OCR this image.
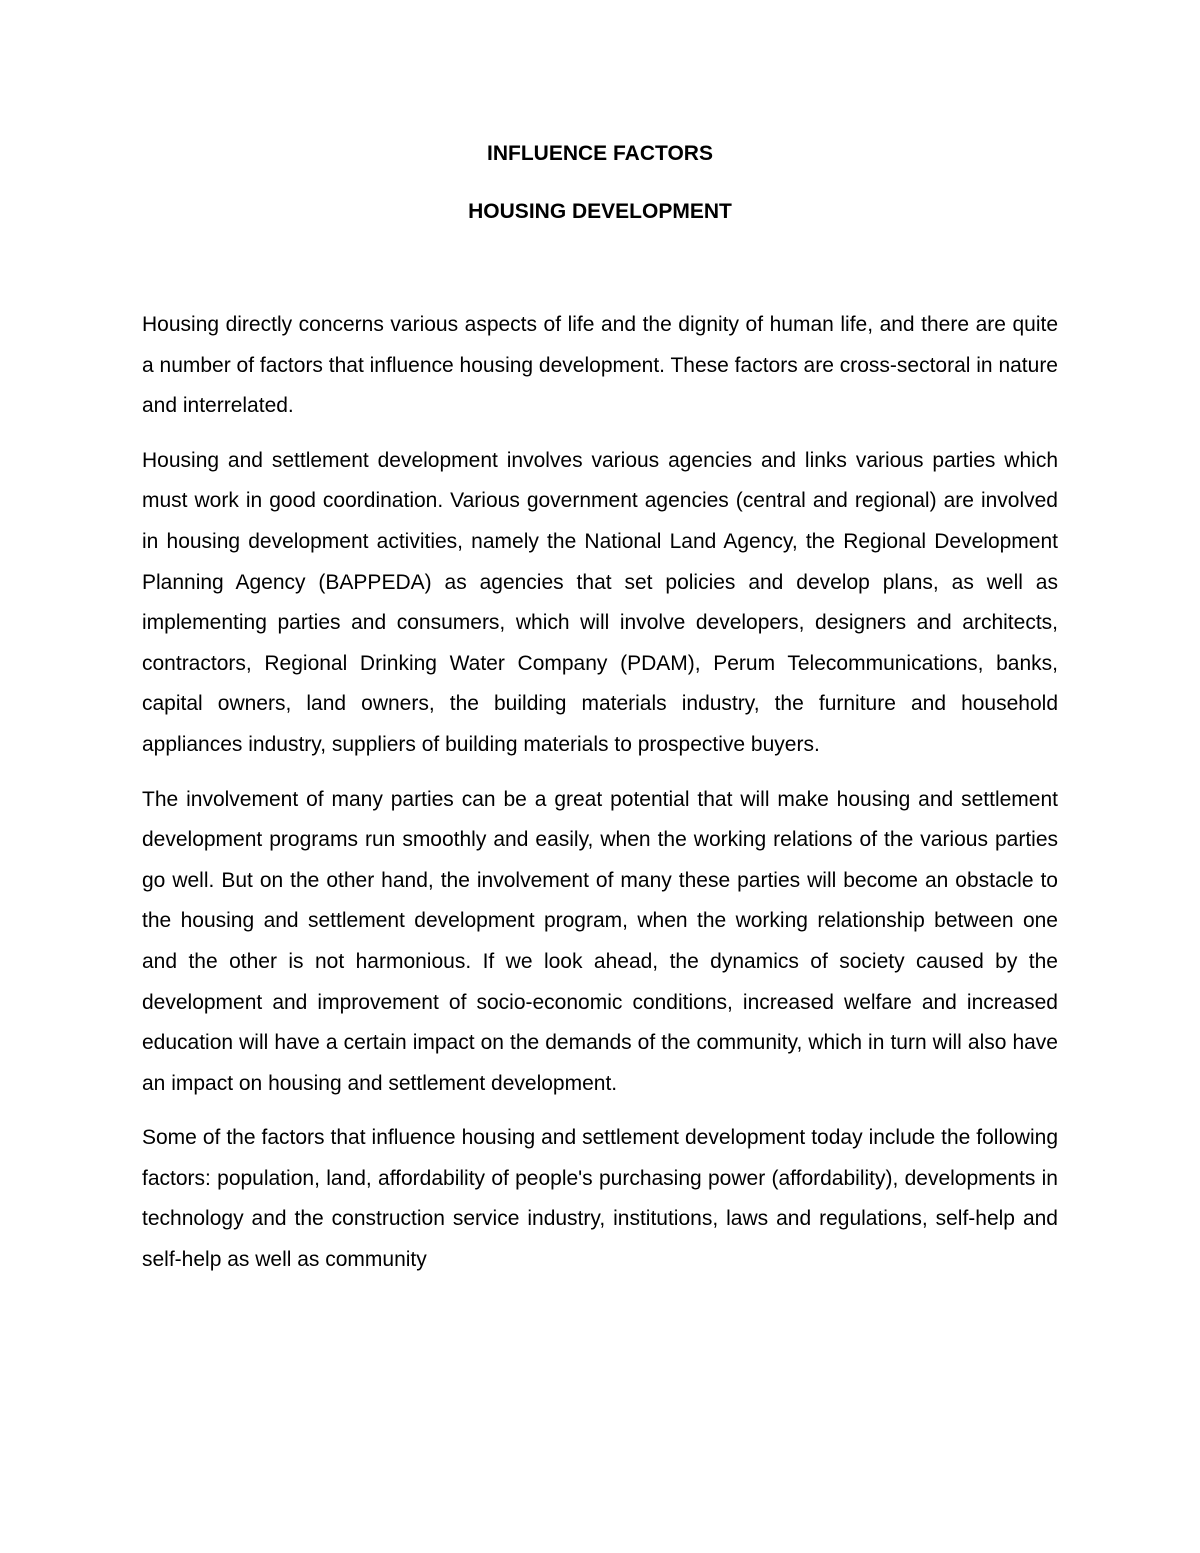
INFLUENCE FACTORS
HOUSING DEVELOPMENT

Housing directly concerns various aspects of life and the dignity of human life, and there are quite a number of factors that influence housing development. These factors are cross-sectoral in nature and interrelated.

Housing and settlement development involves various agencies and links various parties which must work in good coordination. Various government agencies (central and regional) are involved in housing development activities, namely the National Land Agency, the Regional Development Planning Agency (BAPPEDA) as agencies that set policies and develop plans, as well as implementing parties and consumers, which will involve developers, designers and architects, contractors, Regional Drinking Water Company (PDAM), Perum Telecommunications, banks, capital owners, land owners, the building materials industry, the furniture and household appliances industry, suppliers of building materials to prospective buyers.

The involvement of many parties can be a great potential that will make housing and settlement development programs run smoothly and easily, when the working relations of the various parties go well. But on the other hand, the involvement of many these parties will become an obstacle to the housing and settlement development program, when the working relationship between one and the other is not harmonious. If we look ahead, the dynamics of society caused by the development and improvement of socio-economic conditions, increased welfare and increased education will have a certain impact on the demands of the community, which in turn will also have an impact on housing and settlement development.

Some of the factors that influence housing and settlement development today include the following factors: population, land, affordability of people's purchasing power (affordability), developments in technology and the construction service industry, institutions, laws and regulations, self-help and self-help as well as community
